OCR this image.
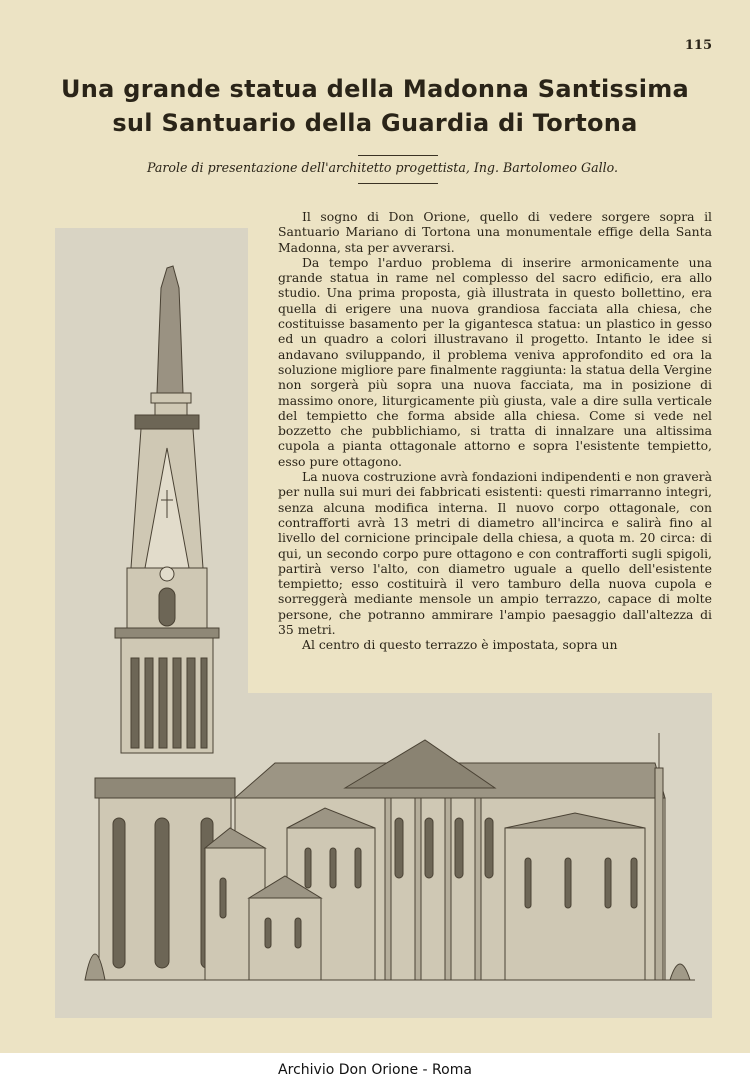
115
Una grande statua della Madonna Santissima
sul Santuario della Guardia di Tortona
Parole di presentazione dell'architetto progettista, Ing. Bartolomeo Gallo.

Il sogno di Don Orione, quello di vedere sorgere sopra il Santuario Mariano di Tortona una monumentale effige della Santa Madonna, sta per avverarsi.

Da tempo l'arduo problema di inserire armonicamente una grande statua in rame nel complesso del sacro edificio, era allo studio. Una prima proposta, già illustrata in questo bollettino, era quella di erigere una nuova grandiosa facciata alla chiesa, che costituisse basamento per la gigantesca statua: un plastico in gesso ed un quadro a colori illustravano il progetto. Intanto le idee si andavano sviluppando, il problema veniva approfondito ed ora la soluzione migliore pare finalmente raggiunta: la statua della Vergine non sorgerà più sopra una nuova facciata, ma in posizione di massimo onore, liturgicamente più giusta, vale a dire sulla verticale del tempietto che forma abside alla chiesa. Come si vede nel bozzetto che pubblichiamo, si tratta di innalzare una altissima cupola a pianta ottagonale attorno e sopra l'esistente tempietto, esso pure ottagono.

La nuova costruzione avrà fondazioni indipendenti e non graverà per nulla sui muri dei fabbricati esistenti: questi rimarranno integri, senza alcuna modifica interna. Il nuovo corpo ottagonale, con contrafforti avrà 13 metri di diametro all'incirca e salirà fino al livello del cornicione principale della chiesa, a quota m. 20 circa: di qui, un secondo corpo pure ottagono e con contrafforti sugli spigoli, partirà verso l'alto, con diametro uguale a quello dell'esistente tempietto; esso costituirà il vero tamburo della nuova cupola e sorreggerà mediante mensole un ampio terrazzo, capace di molte persone, che potranno ammirare l'ampio paesaggio dall'altezza di 35 metri.

Al centro di questo terrazzo è impostata, sopra un

Archivio Don Orione - Roma
